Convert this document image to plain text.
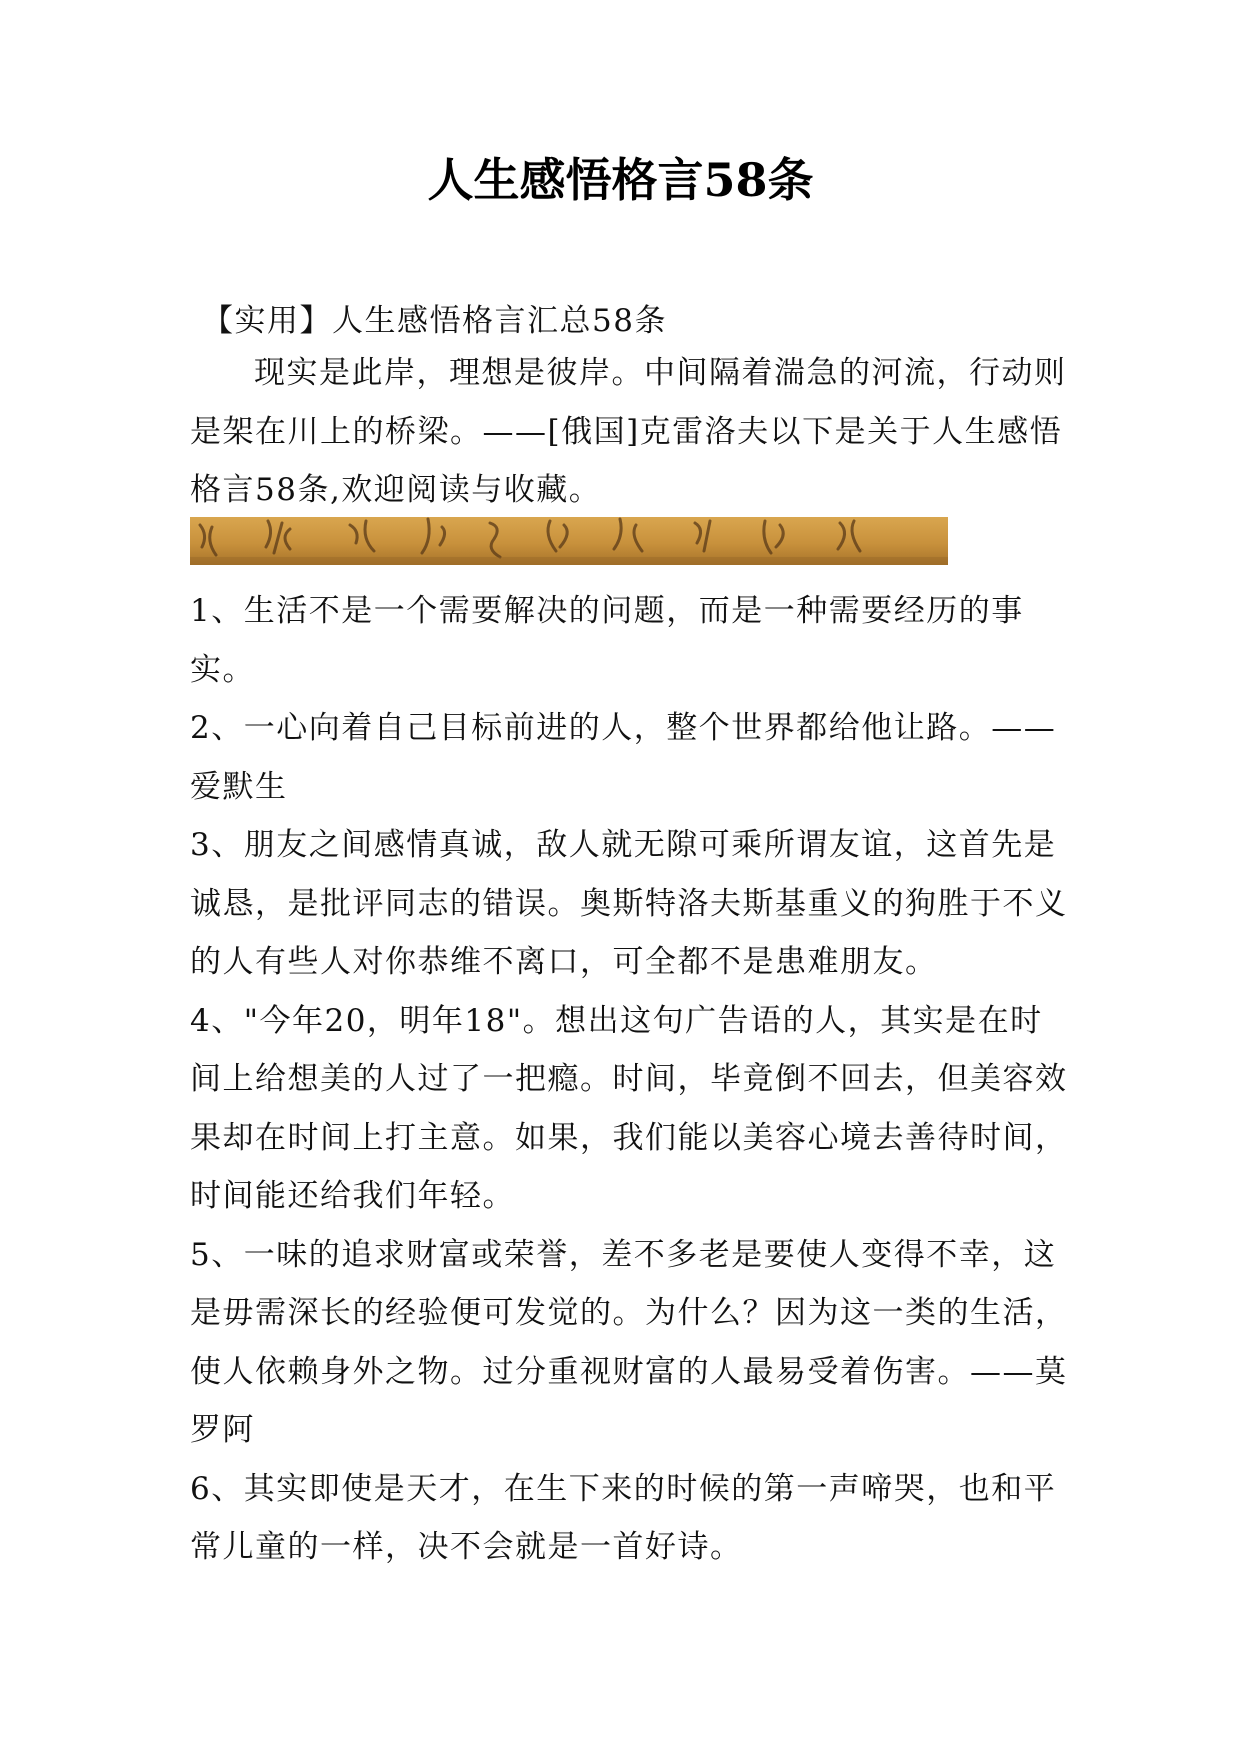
人生感悟格言58条
【实用】人生感悟格言汇总58条
现实是此岸，理想是彼岸。中间隔着湍急的河流，行动则是架在川上的桥梁。——[俄国]克雷洛夫以下是关于人生感悟格言58条,欢迎阅读与收藏。

1、生活不是一个需要解决的问题，而是一种需要经历的事实。

2、一心向着自己目标前进的人，整个世界都给他让路。——爱默生

3、朋友之间感情真诚，敌人就无隙可乘所谓友谊，这首先是诚恳，是批评同志的错误。奥斯特洛夫斯基重义的狗胜于不义的人有些人对你恭维不离口，可全都不是患难朋友。

4、"今年20，明年18"。想出这句广告语的人，其实是在时间上给想美的人过了一把瘾。时间，毕竟倒不回去，但美容效果却在时间上打主意。如果，我们能以美容心境去善待时间，时间能还给我们年轻。

5、一味的追求财富或荣誉，差不多老是要使人变得不幸，这是毋需深长的经验便可发觉的。为什么？因为这一类的生活，使人依赖身外之物。过分重视财富的人最易受着伤害。——莫罗阿

6、其实即使是天才，在生下来的时候的第一声啼哭，也和平常儿童的一样，决不会就是一首好诗。
